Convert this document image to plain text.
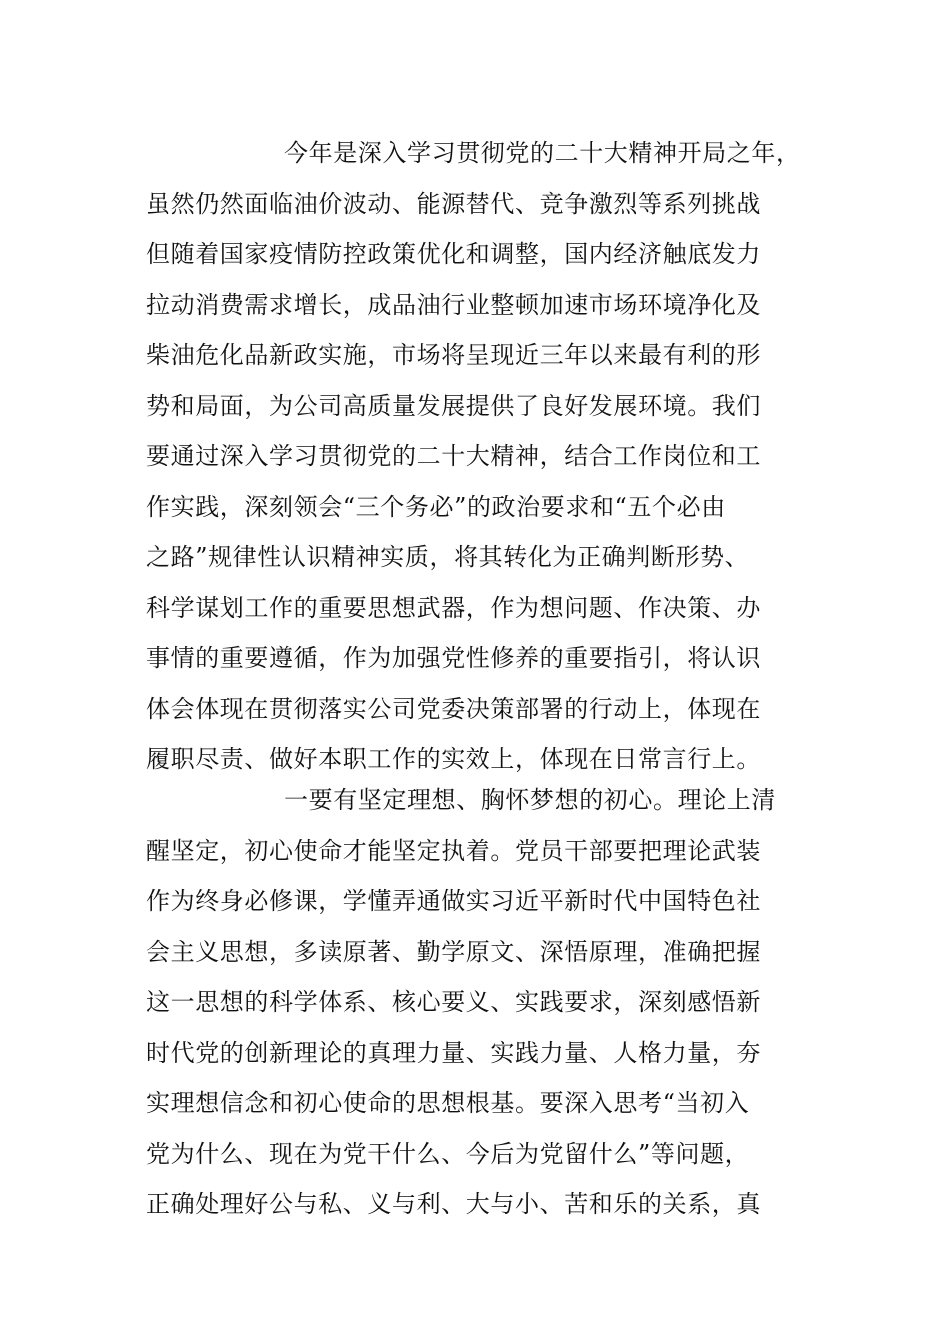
今年是深入学习贯彻党的二十大精神开局之年，
虽然仍然面临油价波动、能源替代、竞争激烈等系列挑战
但随着国家疫情防控政策优化和调整，国内经济触底发力
拉动消费需求增长，成品油行业整顿加速市场环境净化及
柴油危化品新政实施，市场将呈现近三年以来最有利的形
势和局面，为公司高质量发展提供了良好发展环境。我们
要通过深入学习贯彻党的二十大精神，结合工作岗位和工
作实践，深刻领会“三个务必”的政治要求和“五个必由
之路”规律性认识精神实质，将其转化为正确判断形势、
科学谋划工作的重要思想武器，作为想问题、作决策、办
事情的重要遵循，作为加强党性修养的重要指引，将认识
体会体现在贯彻落实公司党委决策部署的行动上，体现在
履职尽责、做好本职工作的实效上，体现在日常言行上。
一要有坚定理想、胸怀梦想的初心。理论上清
醒坚定，初心使命才能坚定执着。党员干部要把理论武装
作为终身必修课，学懂弄通做实习近平新时代中国特色社
会主义思想，多读原著、勤学原文、深悟原理，准确把握
这一思想的科学体系、核心要义、实践要求，深刻感悟新
时代党的创新理论的真理力量、实践力量、人格力量，夯
实理想信念和初心使命的思想根基。要深入思考“当初入
党为什么、现在为党干什么、今后为党留什么”等问题，
正确处理好公与私、义与利、大与小、苦和乐的关系，真
